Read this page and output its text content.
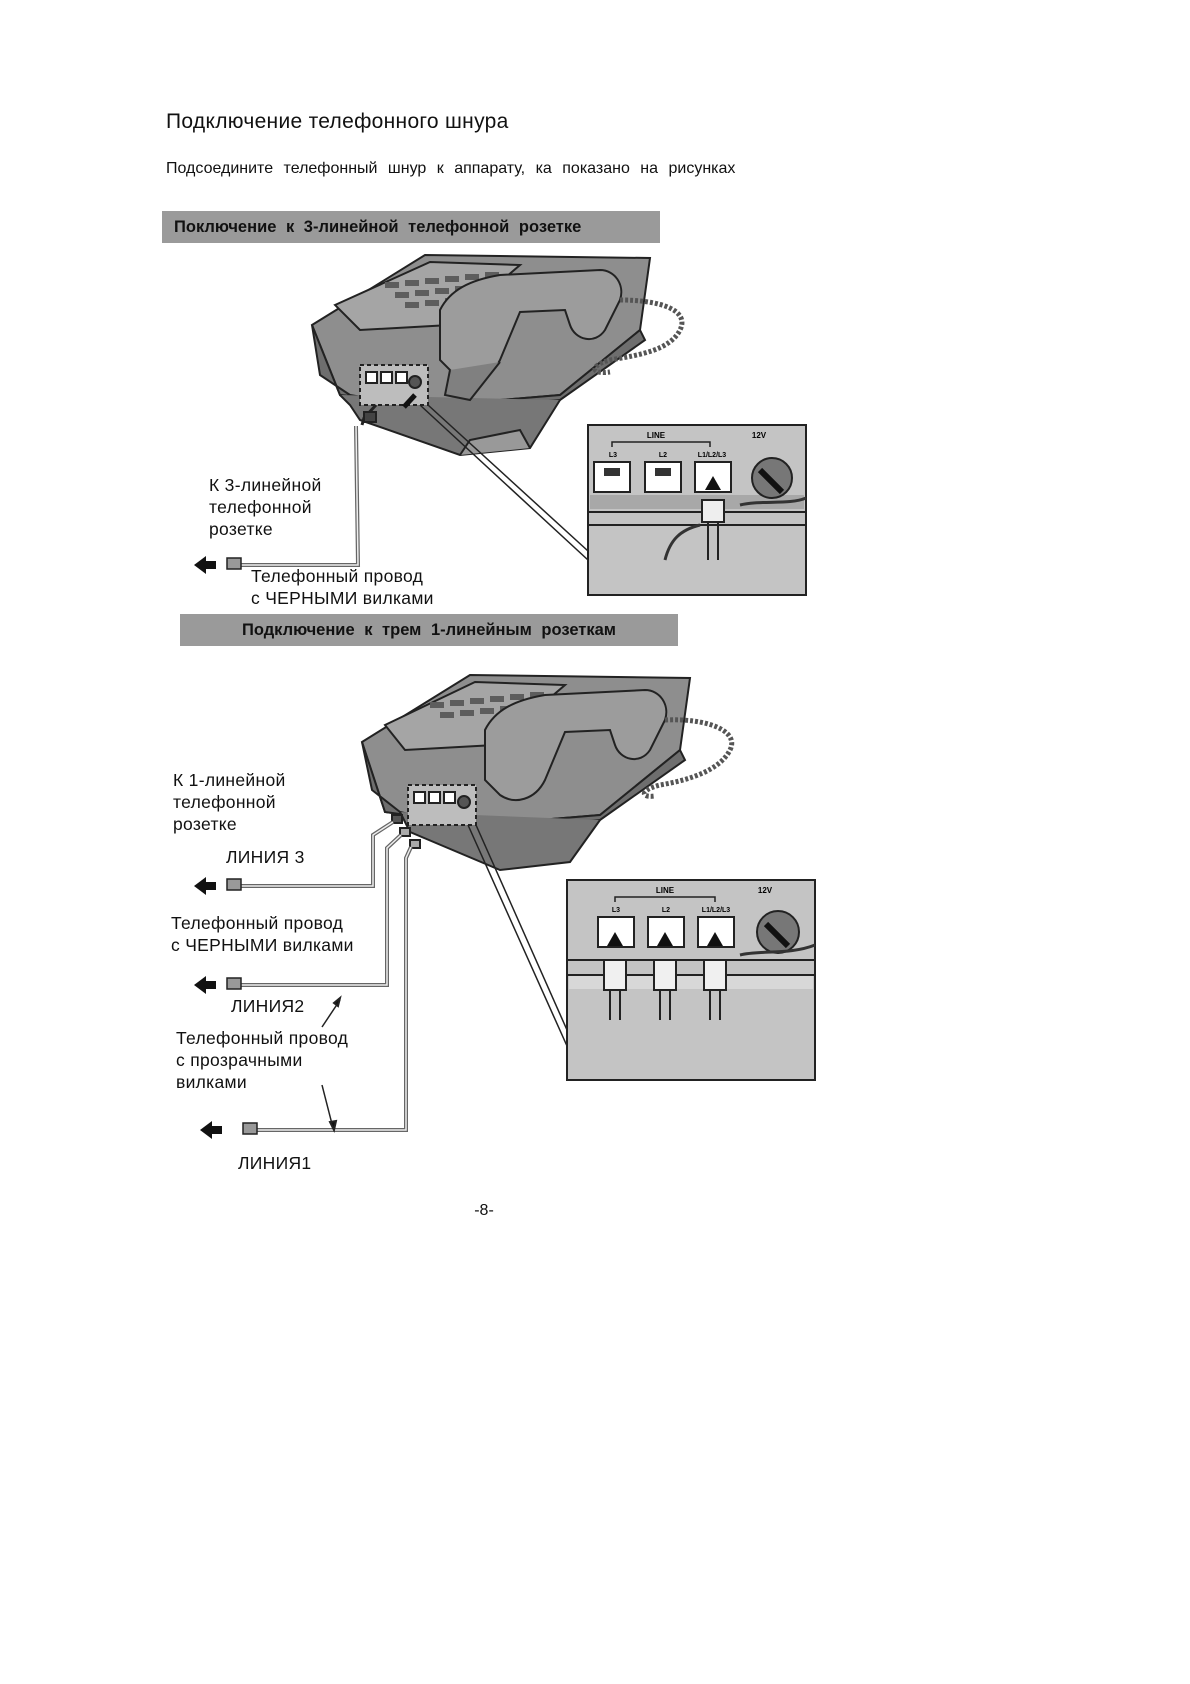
Подключение телефонного шнура
Подсоедините телефонный шнур к аппарату, ка показано на рисунках
Поключение к 3-линейной телефонной розетке
Подключение к трем 1-линейным розеткам
К 3-линейной
телефонной
розетке
Телефонный провод
с ЧЕРНЫМИ вилками
К 1-линейной
телефонной
розетке
ЛИНИЯ 3
Телефонный провод
с ЧЕРНЫМИ вилками
ЛИНИЯ2
Телефонный провод
с прозрачными
вилками
ЛИНИЯ1
-8-
LINE	12V
L3	L2	L1/L2/L3
LINE	12V
L3	L2	L1/L2/L3
